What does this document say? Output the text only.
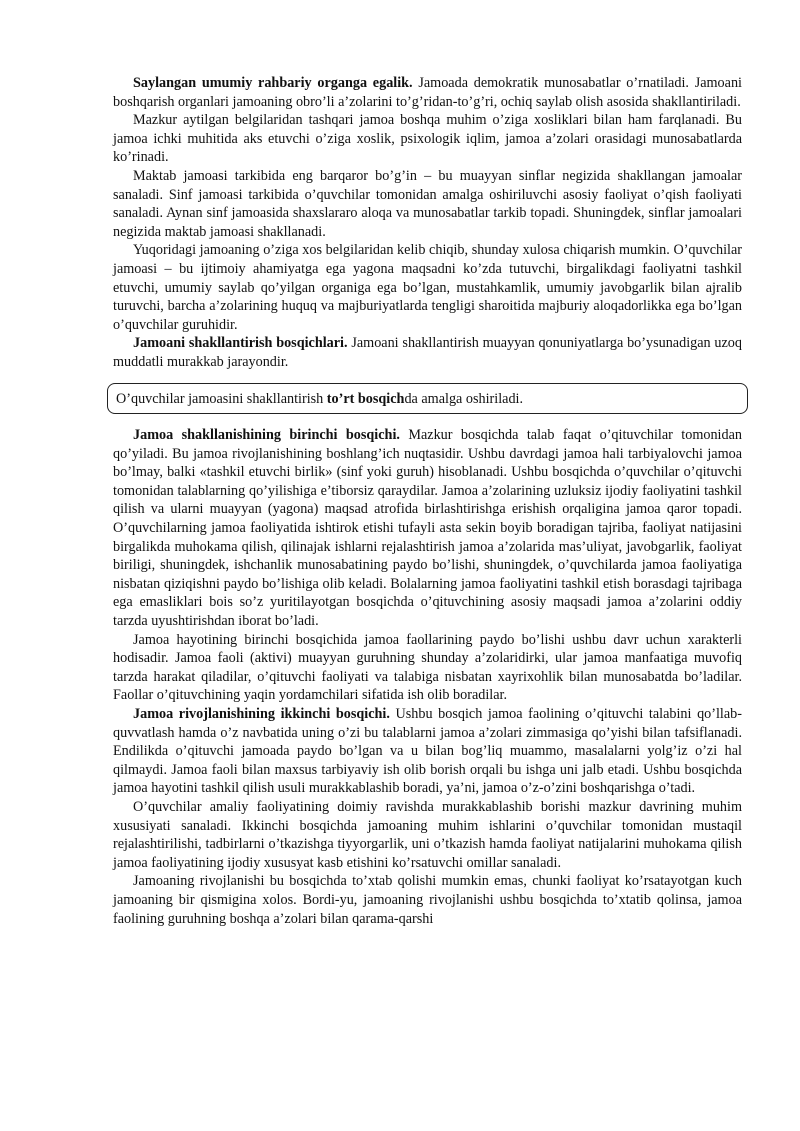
Saylangan umumiy rahbariy organga egalik. Jamoada demokratik munosabatlar o’rnatiladi. Jamoani boshqarish organlari jamoaning obro’li a’zolarini to’g’ridan-to’g’ri, ochiq saylab olish asosida shakllantiriladi.

Mazkur aytilgan belgilaridan tashqari jamoa boshqa muhim o’ziga xosliklari bilan ham farqlanadi. Bu jamoa ichki muhitida aks etuvchi o’ziga xoslik, psixologik iqlim, jamoa a’zolari orasidagi munosabatlarda ko’rinadi.

Maktab jamoasi tarkibida eng barqaror bo’g’in – bu muayyan sinflar negizida shakllangan jamoalar sanaladi. Sinf jamoasi tarkibida o’quvchilar tomonidan amalga oshiriluvchi asosiy faoliyat o’qish faoliyati sanaladi. Aynan sinf jamoasida shaxslararo aloqa va munosabatlar tarkib topadi. Shuningdek, sinflar jamoalari negizida maktab jamoasi shakllanadi.

Yuqoridagi jamoaning o’ziga xos belgilaridan kelib chiqib, shunday xulosa chiqarish mumkin. O’quvchilar jamoasi – bu ijtimoiy ahamiyatga ega yagona maqsadni ko’zda tutuvchi, birgalikdagi faoliyatni tashkil etuvchi, umumiy saylab qo’yilgan organiga ega bo’lgan, mustahkamlik, umumiy javobgarlik bilan ajralib turuvchi, barcha a’zolarining huquq va majburiyatlarda tengligi sharoitida majburiy aloqadorlikka ega bo’lgan o’quvchilar guruhidir.

Jamoani shakllantirish bosqichlari. Jamoani shakllantirish muayyan qonuniyatlarga bo’ysunadigan uzoq muddatli murakkab jarayondir.

O’quvchilar jamoasini shakllantirish to’rt bosqichda amalga oshiriladi.

Jamoa shakllanishining birinchi bosqichi. Mazkur bosqichda talab faqat o’qituvchilar tomonidan qo’yiladi. Bu jamoa rivojlanishining boshlang’ich nuqtasidir. Ushbu davrdagi jamoa hali tarbiyalovchi jamoa bo’lmay, balki «tashkil etuvchi birlik» (sinf yoki guruh) hisoblanadi. Ushbu bosqichda o’quvchilar o’qituvchi tomonidan talablarning qo’yilishiga e’tiborsiz qaraydilar. Jamoa a’zolarining uzluksiz ijodiy faoliyatini tashkil qilish va ularni muayyan (yagona) maqsad atrofida birlashtirishga erishish orqaligina jamoa qaror topadi. O’quvchilarning jamoa faoliyatida ishtirok etishi tufayli asta sekin boyib boradigan tajriba, faoliyat natijasini birgalikda muhokama qilish, qilinajak ishlarni rejalashtirish jamoa a’zolarida mas’uliyat, javobgarlik, faoliyat biriligi, shuningdek, ishchanlik munosabatining paydo bo’lishi, shuningdek, o’quvchilarda jamoa faoliyatiga nisbatan qiziqishni paydo bo’lishiga olib keladi. Bolalarning jamoa faoliyatini tashkil etish borasdagi tajribaga ega emasliklari bois so’z yuritilayotgan bosqichda o’qituvchining asosiy maqsadi jamoa a’zolarini oddiy tarzda uyushtirishdan iborat bo’ladi.

Jamoa hayotining birinchi bosqichida jamoa faollarining paydo bo’lishi ushbu davr uchun xarakterli hodisadir. Jamoa faoli (aktivi) muayyan guruhning shunday a’zolaridirki, ular jamoa manfaatiga muvofiq tarzda harakat qiladilar, o’qituvchi faoliyati va talabiga nisbatan xayrixohlik bilan munosabatda bo’ladilar. Faollar o’qituvchining yaqin yordamchilari sifatida ish olib boradilar.

Jamoa rivojlanishining ikkinchi bosqichi. Ushbu bosqich jamoa faolining o’qituvchi talabini qo’llab-quvvatlash hamda o’z navbatida uning o’zi bu talablarni jamoa a’zolari zimmasiga qo’yishi bilan tafsiflanadi. Endilikda o’qituvchi jamoada paydo bo’lgan va u bilan bog’liq muammo, masalalarni yolg’iz o’zi hal qilmaydi. Jamoa faoli bilan maxsus tarbiyaviy ish olib borish orqali bu ishga uni jalb etadi. Ushbu bosqichda jamoa hayotini tashkil qilish usuli murakkablashib boradi, ya’ni, jamoa o’z-o’zini boshqarishga o’tadi.

O’quvchilar amaliy faoliyatining doimiy ravishda murakkablashib borishi mazkur davrining muhim xususiyati sanaladi. Ikkinchi bosqichda jamoaning muhim ishlarini o’quvchilar tomonidan mustaqil rejalashtirilishi, tadbirlarni o’tkazishga tiyyorgarlik, uni o’tkazish hamda faoliyat natijalarini muhokama qilish jamoa faoliyatining ijodiy xususyat kasb etishini ko’rsatuvchi omillar sanaladi.

Jamoaning rivojlanishi bu bosqichda to’xtab qolishi mumkin emas, chunki faoliyat ko’rsatayotgan kuch jamoaning bir qismigina xolos. Bordi-yu, jamoaning rivojlanishi ushbu bosqichda to’xtatib qolinsa, jamoa faolining guruhning boshqa a’zolari bilan qarama-qarshi
